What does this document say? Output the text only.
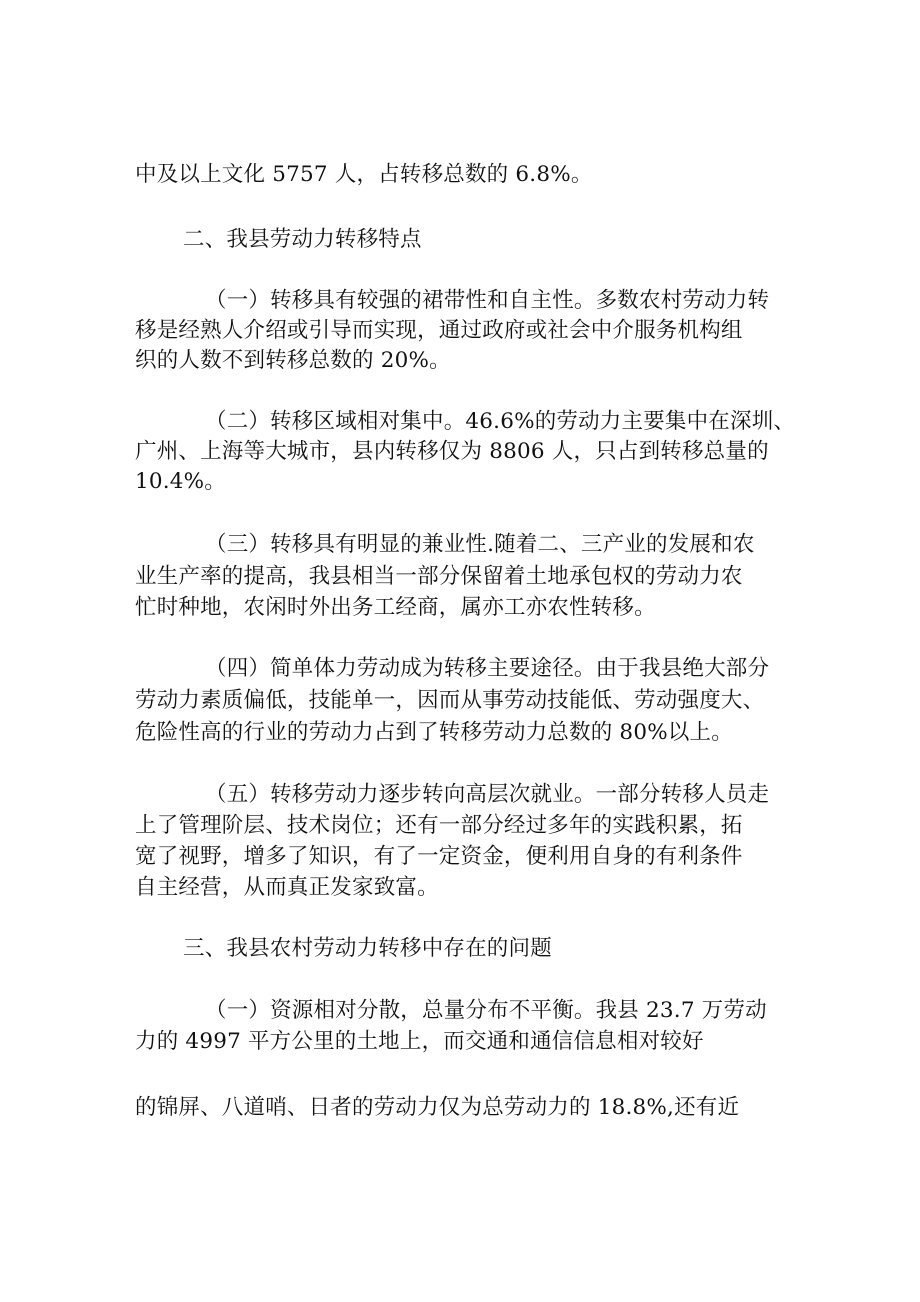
中及以上文化 5757 人，占转移总数的 6.8%。
二、我县劳动力转移特点
（一）转移具有较强的裙带性和自主性。多数农村劳动力转
移是经熟人介绍或引导而实现，通过政府或社会中介服务机构组
织的人数不到转移总数的 20%。
（二）转移区域相对集中。46.6%的劳动力主要集中在深圳、
广州、上海等大城市，县内转移仅为 8806 人，只占到转移总量的
10.4%。
（三）转移具有明显的兼业性.随着二、三产业的发展和农
业生产率的提高，我县相当一部分保留着土地承包权的劳动力农
忙时种地，农闲时外出务工经商，属亦工亦农性转移。
（四）简单体力劳动成为转移主要途径。由于我县绝大部分
劳动力素质偏低，技能单一，因而从事劳动技能低、劳动强度大、
危险性高的行业的劳动力占到了转移劳动力总数的 80%以上。
（五）转移劳动力逐步转向高层次就业。一部分转移人员走
上了管理阶层、技术岗位；还有一部分经过多年的实践积累，拓
宽了视野，增多了知识，有了一定资金，便利用自身的有利条件
自主经营，从而真正发家致富。
三、我县农村劳动力转移中存在的问题
（一）资源相对分散，总量分布不平衡。我县 23.7 万劳动
力的 4997 平方公里的土地上，而交通和通信信息相对较好
的锦屏、八道哨、日者的劳动力仅为总劳动力的 18.8%,还有近
